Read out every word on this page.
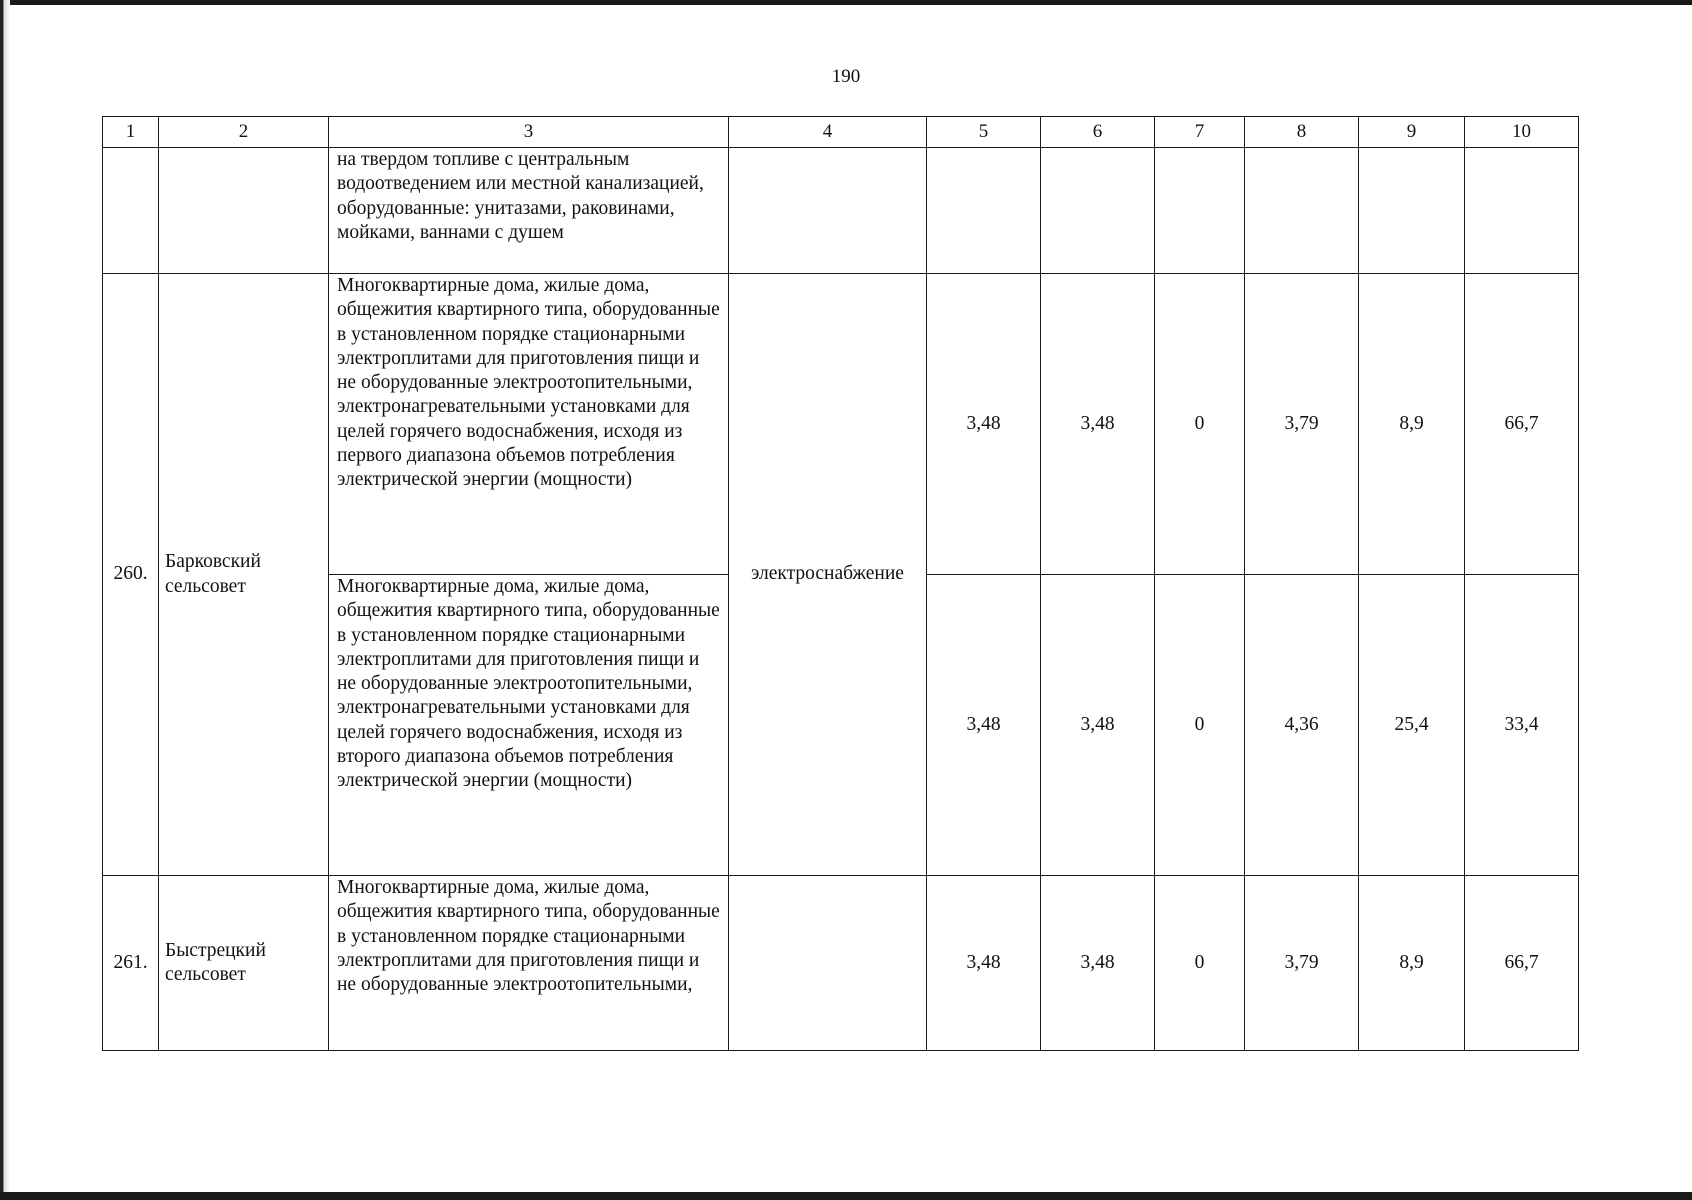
190
1	2	3	4	5	6	7	8	9	10
		на твердом топливе с центральным водоотведением или местной канализацией, оборудованные: унитазами, раковинами, мойками, ваннами с душем							
260.	Барковский сельсовет	Многоквартирные дома, жилые дома, общежития квартирного типа, оборудованные в установленном порядке стационарными электроплитами для приготовления пищи и не оборудованные электроотопительными, электронагревательными установками для целей горячего водоснабжения, исходя из первого диапазона объемов потребления электрической энергии (мощности)	электроснабжение	3,48	3,48	0	3,79	8,9	66,7
		Многоквартирные дома, жилые дома, общежития квартирного типа, оборудованные в установленном порядке стационарными электроплитами для приготовления пищи и не оборудованные электроотопительными, электронагревательными установками для целей горячего водоснабжения, исходя из второго диапазона объемов потребления электрической энергии (мощности)		3,48	3,48	0	4,36	25,4	33,4
261.	Быстрецкий сельсовет	Многоквартирные дома, жилые дома, общежития квартирного типа, оборудованные в установленном порядке стационарными электроплитами для приготовления пищи и не оборудованные электроотопительными,		3,48	3,48	0	3,79	8,9	66,7
